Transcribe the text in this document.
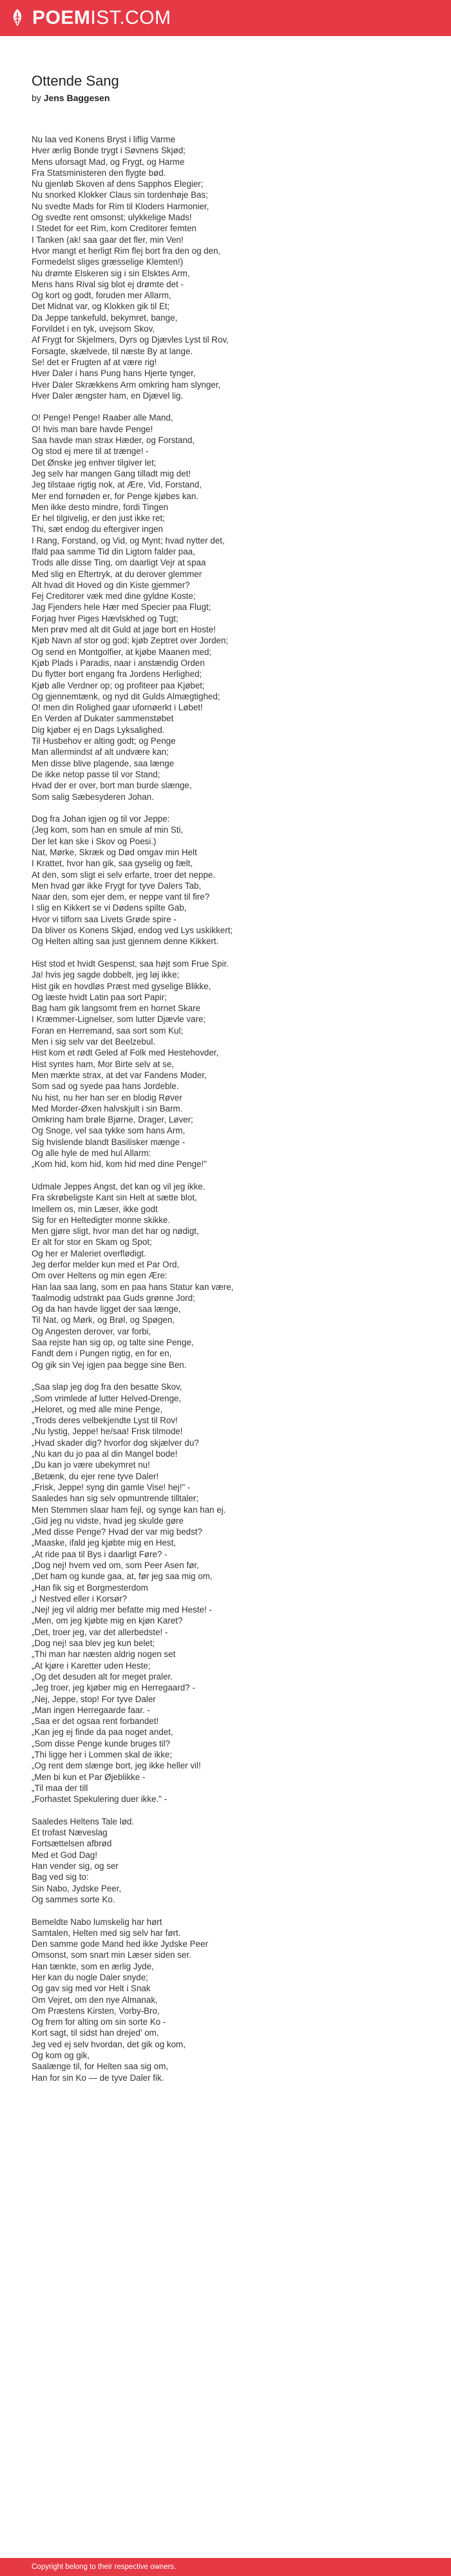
POEMIST.COM
Ottende Sang
by Jens Baggesen
Nu laa ved Konens Bryst i liflig Varme
Hver ærlig Bonde trygt i Søvnens Skjød;
Mens uforsagt Mad, og Frygt, og Harme
Fra Statsministeren den flygte bød.
Nu gjenløb Skoven af dens Sapphos Elegier;
Nu snorked Klokker Claus sin tordenhøje Bas;
Nu svedte Mads for Rim til Kloders Harmonier,
Og svedte rent omsonst; ulykkelige Mads!
I Stedet for eet Rim, kom Creditorer femten
I Tanken (ak! saa gaar det fler, min Ven!
Hvor mangt et herligt Rim flej bort fra den og den,
Formedelst sliges græsselige Klemten!)
Nu drømte Elskeren sig i sin Elsktes Arm,
Mens hans Rival sig blot ej drømte det -
Og kort og godt, foruden mer Allarm,
Det Midnat var, og Klokken gik til Et;
Da Jeppe tankefuld, bekymret, bange,
Forvildet i en tyk, uvejsom Skov,
Af Frygt for Skjelmers, Dyrs og Djævles Lyst til Rov,
Forsagte, skælvede, til næste By at lange.
Se! det er Frugten af at være rig!
Hver Daler i hans Pung hans Hjerte tynger,
Hver Daler Skrækkens Arm omkring ham slynger,
Hver Daler ængster ham, en Djævel lig.
O! Penge! Penge! Raaber alle Mand,
O! hvis man bare havde Penge!
Saa havde man strax Hæder, og Forstand,
Og stod ej mere til at trænge! -
Det Ønske jeg enhver tilgiver let;
Jeg selv har mangen Gang tilladt mig det!
Jeg tilstaae rigtig nok, at Ære, Vid, Forstand,
Mer end fornøden er, for Penge kjøbes kan.
Men ikke desto mindre, fordi Tingen
Er hel tilgivelig, er den just ikke ret;
Thi, sæt endog du eftergiver ingen
I Rang, Forstand, og Vid, og Mynt; hvad nytter det,
Ifald paa samme Tid din Ligtorn falder paa,
Trods alle disse Ting, om daarligt Vejr at spaa
Med slig en Eftertryk, at du derover glemmer
Alt hvad dit Hoved og din Kiste gjemmer?
Fej Creditorer væk med dine gyldne Koste;
Jag Fjenders hele Hær med Specier paa Flugt;
Forjag hver Piges Hævlskhed og Tugt;
Men prøv med alt dit Guld at jage bort en Hoste!
Kjøb Navn af stor og god; kjøb Zeptret over Jorden;
Og send en Montgolfier, at kjøbe Maanen med;
Kjøb Plads i Paradis, naar i anstændig Orden
Du flytter bort engang fra Jordens Herlighed;
Kjøb alle Verdner op; og profiteer paa Kjøbet;
Og gjennemtænk, og nyd dit Gulds Almægtighed;
O! men din Rolighed gaar ufornøerkt i Løbet!
En Verden af Dukater sammenstøbet
Dig kjøber ej en Dags Lyksalighed.
Til Husbehov er alting godt; og Penge
Man allermindst af alt undvære kan;
Men disse blive plagende, saa længe
De ikke netop passe til vor Stand;
Hvad der er over, bort man burde slænge,
Som salig Sæbesyderen Johan.
Dog fra Johan igjen og til vor Jeppe:
(Jeg kom, som han en smule af min Sti,
Der let kan ske i Skov og Poesi.)
Nat, Mørke, Skræk og Død omgav min Helt
I Krattet, hvor han gik, saa gyselig og fælt,
At den, som sligt ei selv erfarte, troer det neppe.
Men hvad gør ikke Frygt for tyve Dalers Tab,
Naar den, som ejer dem, er neppe vant til fire?
I slig en Kikkert se vi Dødens spilte Gab,
Hvor vi tilforn saa Livets Grøde spire -
Da bliver os Konens Skjød, endog ved Lys uskikkert;
Og Helten alting saa just gjennem denne Kikkert.
Hist stod et hvidt Gespenst, saa højt som Frue Spir.
Ja! hvis jeg sagde dobbelt, jeg løj ikke;
Hist gik en hovdløs Præst med gyselige Blikke,
Og læste hvidt Latin paa sort Papir;
Bag ham gik langsomt frem en hornet Skare
I Kræmmer-Lignelser, som lutter Djævle vare;
Foran en Herremand, saa sort som Kul;
Men i sig selv var det Beelzebul.
Hist kom et rødt Geled af Folk med Hestehovder,
Hist syntes ham, Mor Birte selv at se,
Men mærkte strax, at det var Fandens Moder,
Som sad og syede paa hans Jordeble.
Nu hist, nu her han ser en blodig Røver
Med Morder-Øxen halvskjult i sin Barm.
Omkring ham brøle Bjørne, Drager, Løver;
Og Snoge, vel saa tykke som hans Arm,
Sig hvislende blandt Basilisker mænge -
Og alle hyle de med hul Allarm:
„Kom hid, kom hid, kom hid med dine Penge!"
Udmale Jeppes Angst, det kan og vil jeg ikke.
Fra skrøbeligste Kant sin Helt at sætte blot,
Imellem os, min Læser, ikke godt
Sig for en Heltedigter monne skikke.
Men gjøre sligt, hvor man det har og nødigt,
Er alt for stor en Skam og Spot;
Og her er Maleriet overflødigt.
Jeg derfor melder kun med et Par Ord,
Om over Heltens og min egen Ære:
Han laa saa lang, som en paa hans Statur kan være,
Taalmodig udstrakt paa Guds grønne Jord;
Og da han havde ligget der saa længe,
Til Nat, og Mørk, og Brøl, og Spøgen,
Og Angesten derover, var forbi,
Saa rejste han sig op, og talte sine Penge,
Fandt dem i Pungen rigtig, en for en,
Og gik sin Vej igjen paa begge sine Ben.
„Saa slap jeg dog fra den besatte Skov,
„Som vrimlede af lutter Helved-Drenge,
„Heloret, og med alle mine Penge,
„Trods deres velbekjendte Lyst til Rov!
„Nu lystig, Jeppe! he/saa! Frisk tilmode!
„Hvad skader dig? hvorfor dog skjælver du?
„Nu kan du jo paa al din Mangel bode!
„Du kan jo være ubekymret nu!
„Betænk, du ejer rene tyve Daler!
„Frisk, Jeppe! syng din gamle Vise! hej!" -
Saaledes han sig selv opmuntrende tilltaler;
Men Stemmen slaar ham fejl, og synge kan han ej.
„Gid jeg nu vidste, hvad jeg skulde gøre
„Med disse Penge? Hvad der var mig bedst?
„Maaske, ifald jeg kjøbte mig en Hest,
„At ride paa til Bys i daarligt Føre? -
„Dog nej! hvem ved om, som Peer Asen før,
„Det ham og kunde gaa, at, før jeg saa mig om,
„Han fik sig et Borgmesterdom
„I Nestved eller i Korsør?
„Nej! jeg vil aldrig mer befatte mig med Heste! -
„Men, om jeg kjøbte mig en kjøn Karet?
„Det, troer jeg, var det allerbedste! -
„Dog nej! saa blev jeg kun belet;
„Thi man har næsten aldrig nogen set
„At kjøre i Karetter uden Heste;
„Og det desuden alt for meget praler.
„Jeg troer, jeg kjøber mig en Herregaard? -
„Nej, Jeppe, stop! For tyve Daler
„Man ingen Herregaarde faar. -
„Saa er det ogsaa rent forbandet!
„Kan jeg ej finde da paa noget andet,
„Som disse Penge kunde bruges til?
„Thi ligge her i Lommen skal de ikke;
„Og rent dem slænge bort, jeg ikke heller vil!
„Men bi kun et Par Øjeblikke -
„Til maa der till
„Forhastet Spekulering duer ikke." -
Saaledes Heltens Tale lød.
Et trofast Næveslag
Fortsættelsen afbrød
Med et God Dag!
Han vender sig, og ser
Bag ved sig to:
Sin Nabo, Jydske Peer,
Og sammes sorte Ko.
Bemeldte Nabo lumskelig har hørt
Samtalen, Helten med sig selv har ført.
Den samme gode Mand hed ikke Jydske Peer
Omsonst, som snart min Læser siden ser.
Han tænkte, som en ærlig Jyde,
Her kan du nogle Daler snyde;
Og gav sig med vor Helt i Snak
Om Vejret, om den nye Almanak,
Om Præstens Kirsten, Vorby-Bro,
Og frem for alting om sin sorte Ko -
Kort sagt, til sidst han drejed' om,
Jeg ved ej selv hvordan, det gik og kom,
Og kom og gik,
Saalænge til, for Helten saa sig om,
Han for sin Ko — de tyve Daler fik.
Copyright belong to their respective owners.
